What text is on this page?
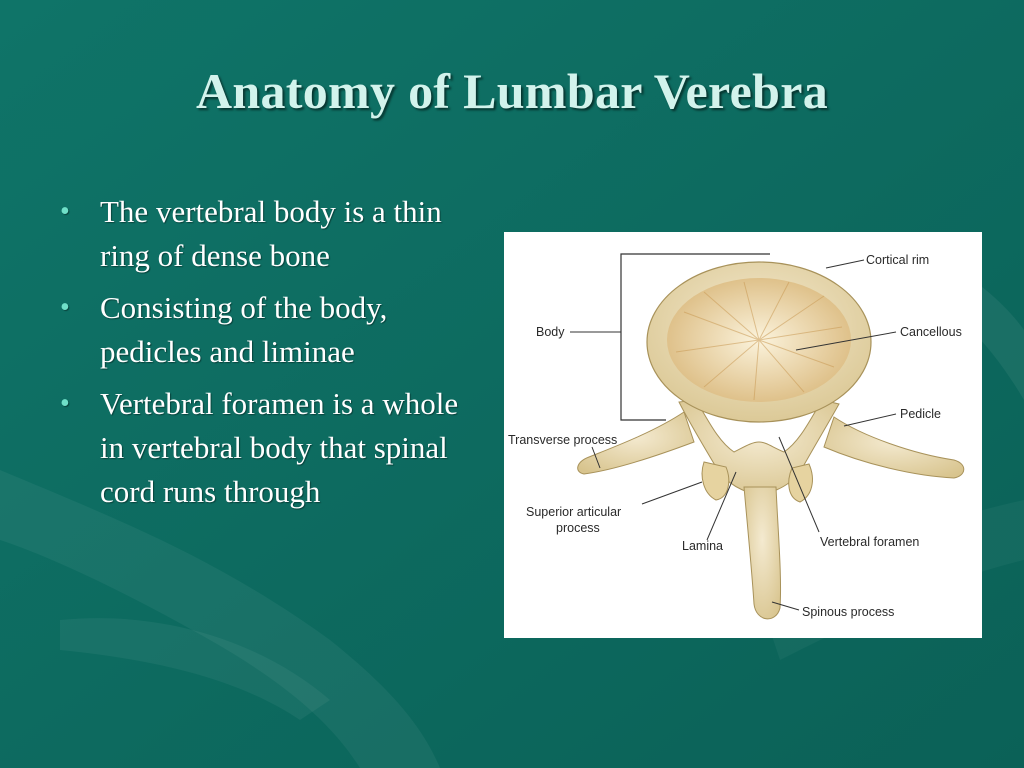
Anatomy of Lumbar Verebra
• The vertebral body is a thin ring of dense bone
• Consisting of the body, pedicles and liminae
• Vertebral foramen is a whole in vertebral body that spinal cord runs through
Cortical rim
Body	Cancellous
Pedicle
Transverse process
Superior articular
process
Lamina	Vertebral foramen
Spinous process
